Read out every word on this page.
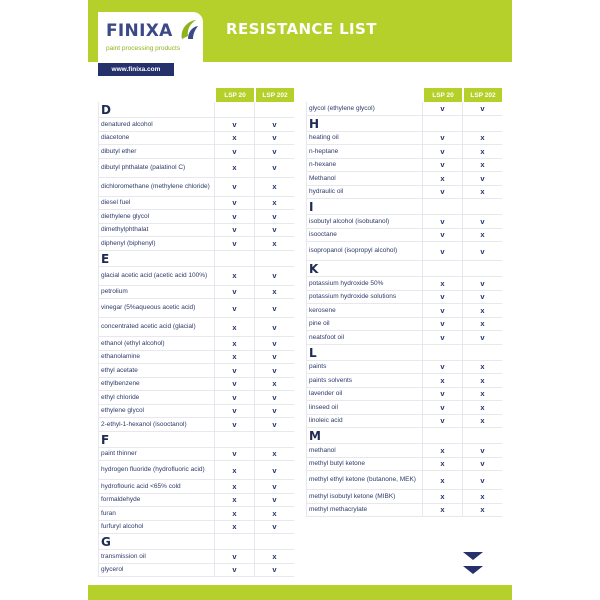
FINIXA
paint processing products
RESISTANCE LIST
www.finixa.com
LSP 20	LSP 202
D
denatured alcohol	v	v
diacetone	x	v
dibutyl ether	v	v
dibutyl phthalate (palatinol C)	x	v
dichloromethane (methylene chloride)	v	x
diesel fuel	v	x
diethylene glycol	v	v
dimethylphthalat	v	v
diphenyl (biphenyl)	v	x
E
glacial acetic acid (acetic acid 100%)	x	v
petrolium	v	x
vinegar (5%aqueous acetic acid)	v	v
concentrated acetic acid (glacial)	x	v
ethanol (ethyl alcohol)	x	v
ethanolamine	x	v
ethyl acetate	v	v
ethylbenzene	v	x
ethyl chloride	v	v
ethylene glycol	v	v
2-ethyl-1-hexanol (isooctanol)	v	v
F
paint thinner	v	x
hydrogen fluoride (hydrofluoric acid)	x	v
hydroflouric acid <65% cold	x	v
formaldehyde	x	v
furan	x	x
furfuryl alcohol	x	v
G
transmission oil	v	x
glycerol	v	v
LSP 20	LSP 202
glycol (ethylene glycol)	v	v
H
heating oil	v	x
n-heptane	v	x
n-hexane	v	x
Methanol	x	v
hydraulic oil	v	x
I
isobutyl alcohol (isobutanol)	v	v
isooctane	v	x
isopropanol (isopropyl alcohol)	v	v
K
potassium hydroxide 50%	x	v
potassium hydroxide solutions	v	v
kerosene	v	x
pine oil	v	x
neatsfoot oil	v	v
L
paints	v	x
paints solvents	x	x
lavender oil	v	x
linseed oil	v	x
linoleic acid	v	x
M
methanol	x	v
methyl butyl ketone	x	v
methyl ethyl ketone (butanone, MEK)	x	v
methyl isobutyl ketone (MIBK)	x	x
methyl methacrylate	x	x
